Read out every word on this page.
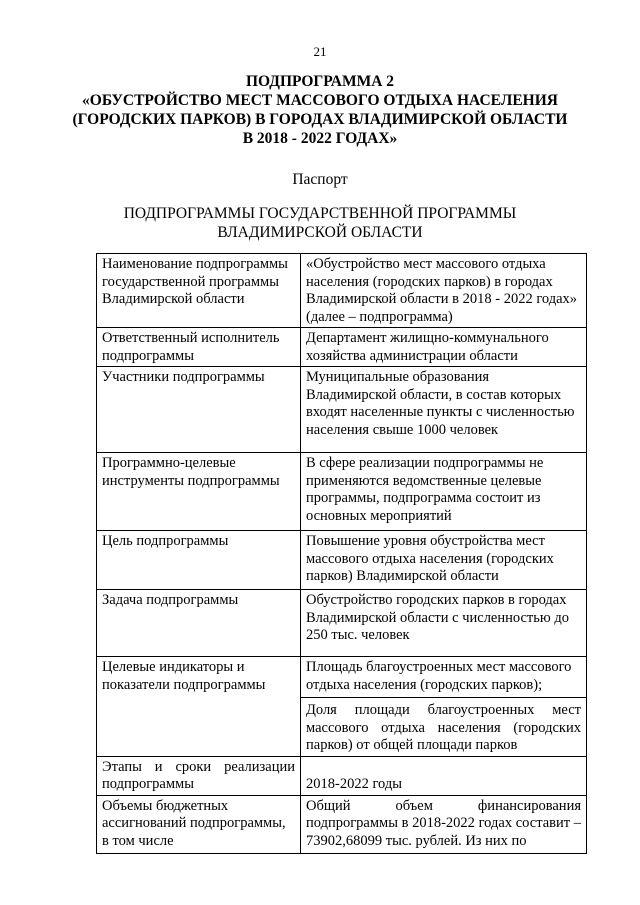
21
ПОДПРОГРАММА 2
«ОБУСТРОЙСТВО МЕСТ МАССОВОГО ОТДЫХА НАСЕЛЕНИЯ
(ГОРОДСКИХ ПАРКОВ) В ГОРОДАХ ВЛАДИМИРСКОЙ ОБЛАСТИ
В 2018 - 2022 ГОДАХ»
Паспорт
ПОДПРОГРАММЫ ГОСУДАРСТВЕННОЙ ПРОГРАММЫ
ВЛАДИМИРСКОЙ ОБЛАСТИ
Наименование подпрограммы государственной программы Владимирской области	«Обустройство мест массового отдыха населения (городских парков) в городах Владимирской области в 2018 - 2022 годах» (далее – подпрограмма)
Ответственный исполнитель подпрограммы	Департамент жилищно-коммунального хозяйства администрации области
Участники подпрограммы	Муниципальные образования Владимирской области, в состав которых входят населенные пункты с численностью населения свыше 1000 человек
Программно-целевые инструменты подпрограммы	В сфере реализации подпрограммы не применяются ведомственные целевые программы, подпрограмма состоит из основных мероприятий
Цель подпрограммы	Повышение уровня обустройства мест массового отдыха населения (городских парков) Владимирской области
Задача подпрограммы	Обустройство городских парков в городах Владимирской области с численностью до 250 тыс. человек
Целевые индикаторы и показатели подпрограммы	Площадь благоустроенных мест массового отдыха населения (городских парков);
Доля площади благоустроенных мест массового отдыха населения (городских парков) от общей площади парков

Этапы и сроки реализации подпрограммы	2018-2022 годы
Объемы бюджетных ассигнований подпрограммы, в том числе	Общий объем финансирования подпрограммы в 2018-2022 годах составит – 73902,68099 тыс. рублей. Из них по
